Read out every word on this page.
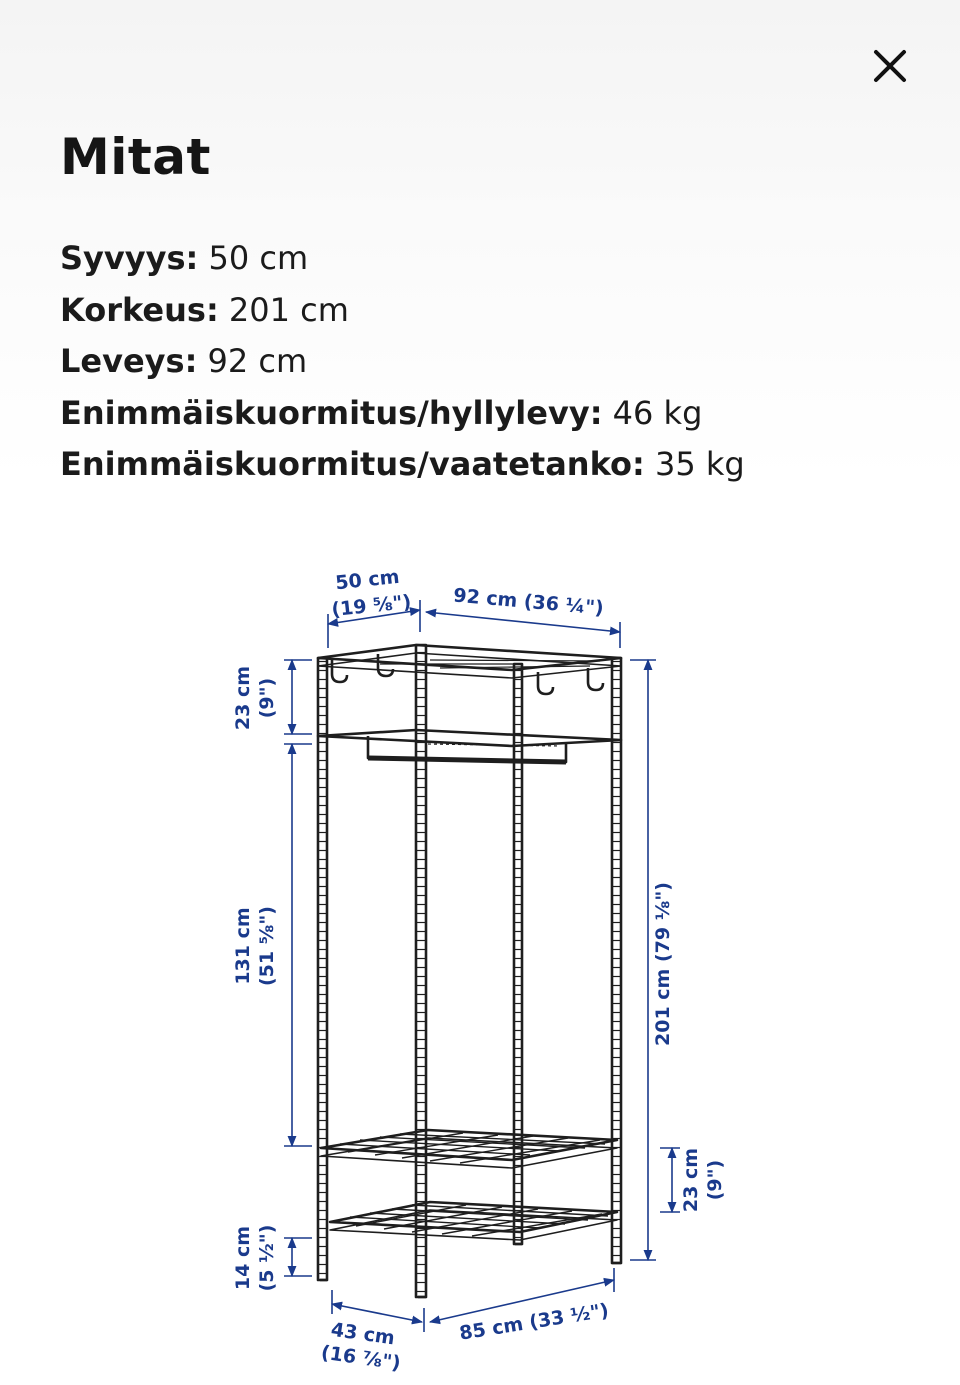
Mitat
Syvyys: 50 cm
Korkeus: 201 cm
Leveys: 92 cm
Enimmäiskuormitus/hyllylevy: 46 kg
Enimmäiskuormitus/vaatetanko: 35 kg
50 cm
(19 ⅝") 92 cm (36 ¼")
23 cm (9")
131 cm (51 ⅝")
14 cm (5 ½")
201 cm (79 ⅛")
23 cm (9")
43 cm
(16 ⅞")
85 cm (33 ½")
